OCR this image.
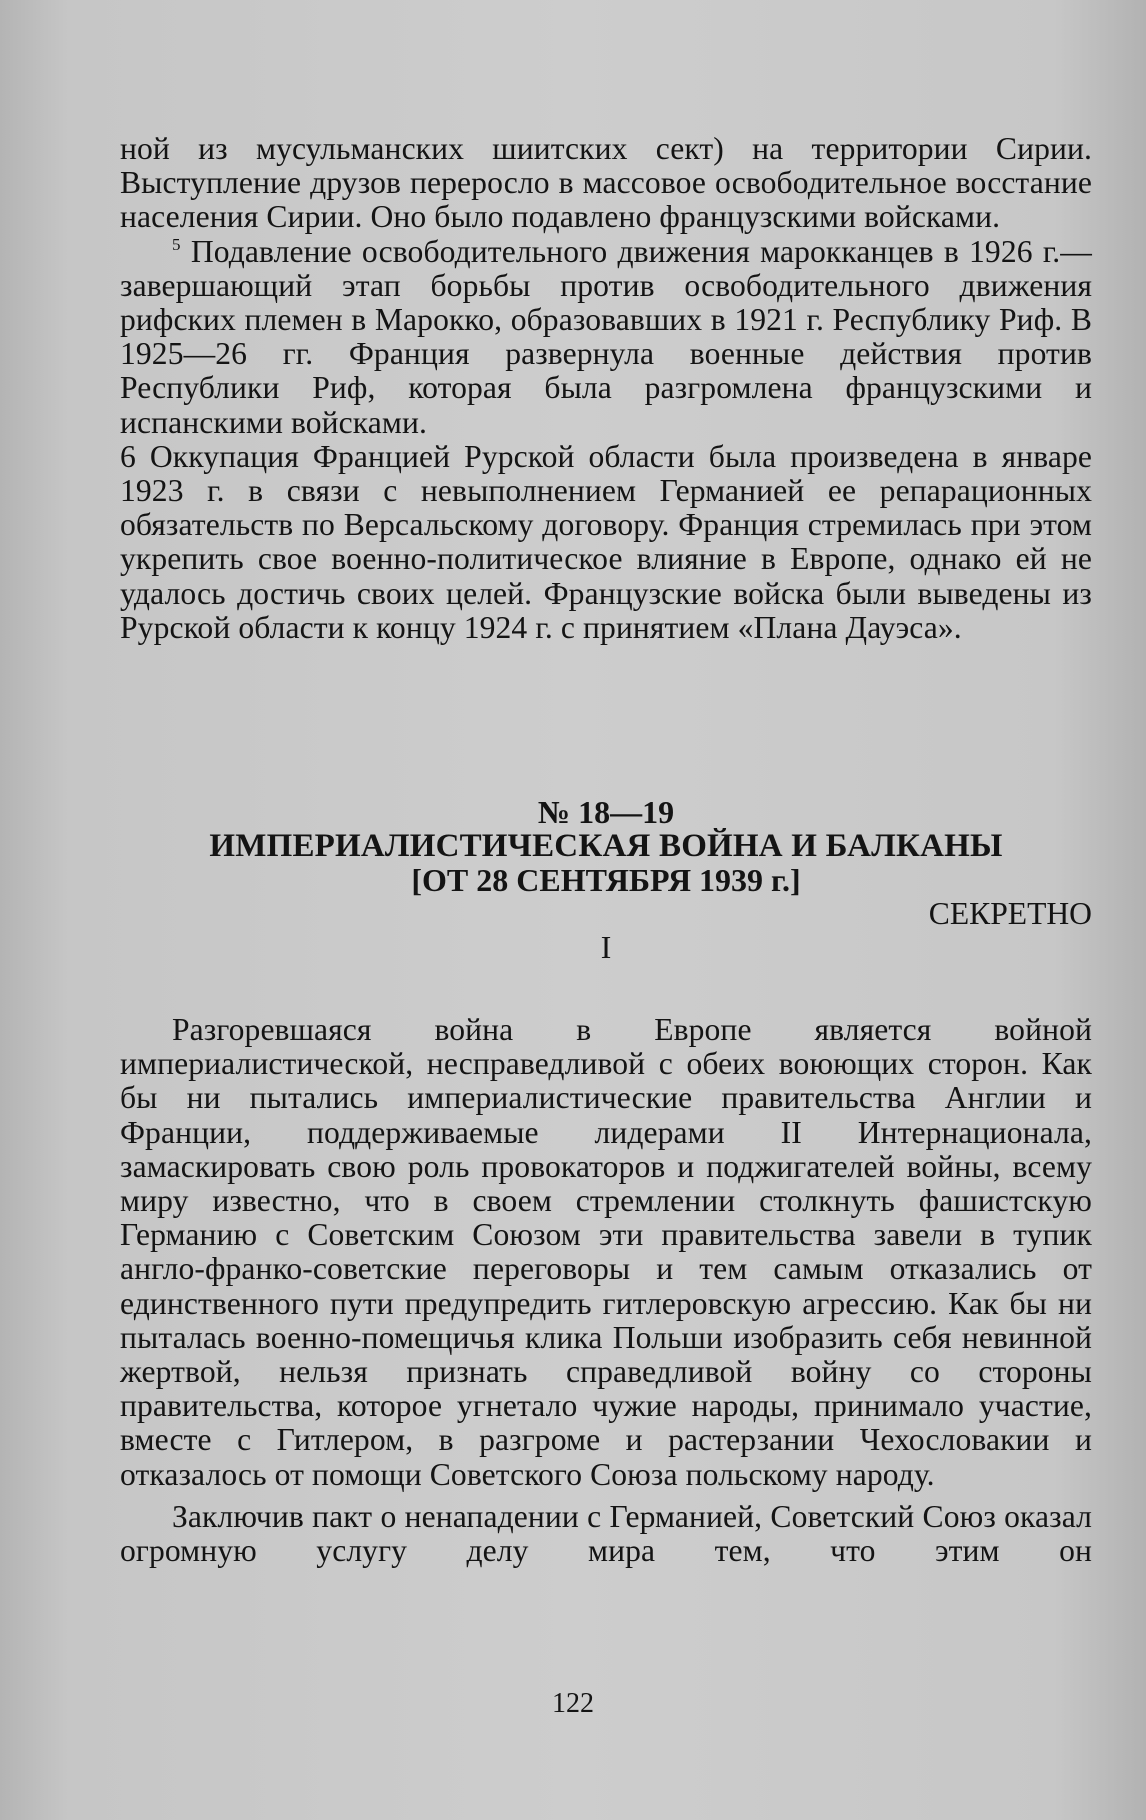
ной из мусульманских шиитских сект) на территории Сирии. Выступление друзов переросло в массовое освободительное восстание населения Сирии. Оно было подавлено французскими войсками.

$^5$ Подавление освободительного движения марокканцев в 1926 г.— завершающий этап борьбы против освободительного движения рифских племен в Марокко, образовавших в 1921 г. Республику Риф. В 1925—26 гг. Франция развернула военные действия против Республики Риф, которая была разгромлена французскими и испанскими войсками.

6 Оккупация Францией Рурской области была произведена в январе 1923 г. в связи с невыполнением Германией ее репарационных обязательств по Версальскому договору. Франция стремилась при этом укрепить свое военно-политическое влияние в Европе, однако ей не удалось достичь своих целей. Французские войска были выведены из Рурской области к концу 1924 г. с принятием «Плана Дауэса».

№ 18—19

ИМПЕРИАЛИСТИЧЕСКАЯ ВОЙНА И БАЛКАНЫ

[ОТ 28 СЕНТЯБРЯ 1939 г.]

СЕКРЕТНО

I

Разгоревшаяся война в Европе является войной империалистической, несправедливой с обеих воюющих сторон. Как бы ни пытались империалистические правительства Англии и Франции, поддерживаемые лидерами II Интернационала, замаскировать свою роль провокаторов и поджигателей войны, всему миру известно, что в своем стремлении столкнуть фашистскую Германию с Советским Союзом эти правительства завели в тупик англо-франко-советские переговоры и тем самым отказались от единственного пути предупредить гитлеровскую агрессию. Как бы ни пыталась военно-помещичья клика Польши изобразить себя невинной жертвой, нельзя признать справедливой войну со стороны правительства, которое угнетало чужие народы, принимало участие, вместе с Гитлером, в разгроме и растерзании Чехословакии и отказалось от помощи Советского Союза польскому народу.

Заключив пакт о ненападении с Германией, Советский Союз оказал огромную услугу делу мира тем, что этим он

122
